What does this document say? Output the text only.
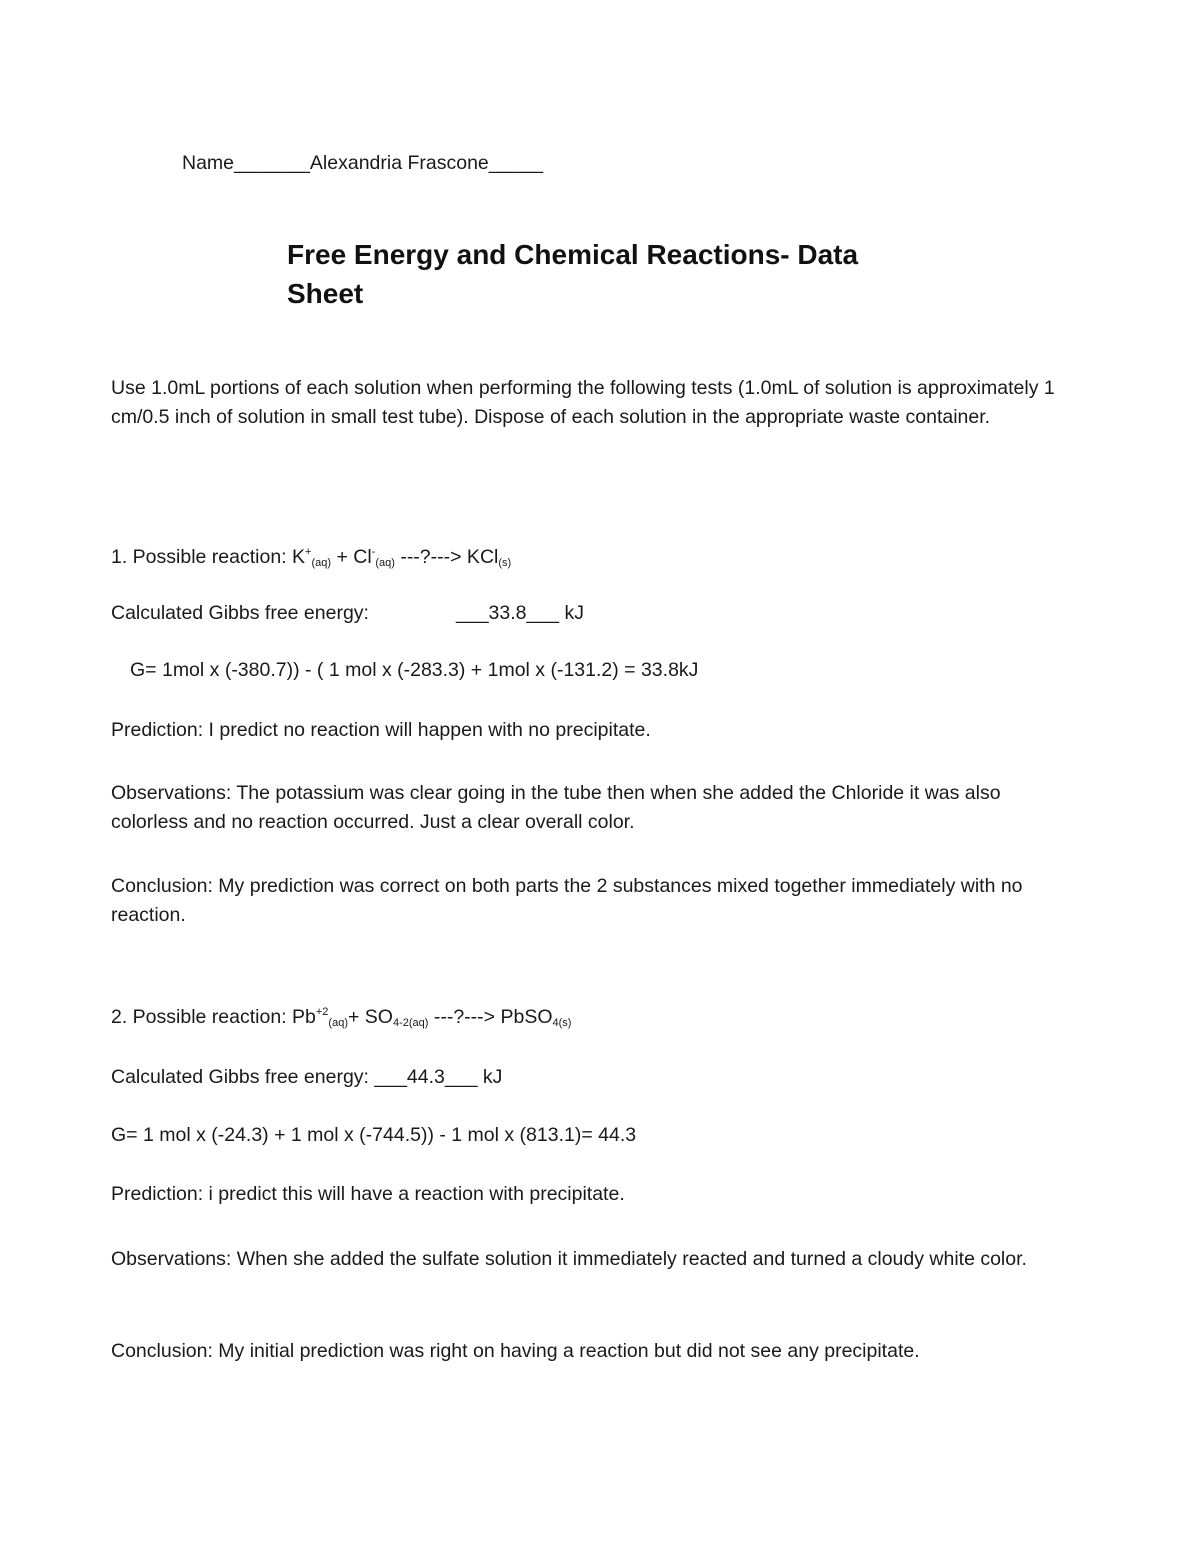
Name_______Alexandria Frascone_____
Free Energy and Chemical Reactions- Data
Sheet
Use 1.0mL portions of each solution when performing the following tests (1.0mL of solution is approximately 1 cm/0.5 inch of solution in small test tube). Dispose of each solution in the appropriate waste container.
1. Possible reaction: $K^+_{(aq)} + Cl^-_{(aq)}$ ---?---> KCl$_{(s)}$
Calculated Gibbs free energy:	___33.8___ kJ
G= 1mol x (-380.7)) - ( 1 mol x (-283.3) + 1mol x (-131.2) = 33.8kJ
Prediction: I predict no reaction will happen with no precipitate.
Observations: The potassium was clear going in the tube then when she added the Chloride it was also colorless and no reaction occurred. Just a clear overall color.
Conclusion: My prediction was correct on both parts the 2 substances mixed together immediately with no reaction.
2. Possible reaction: $Pb^{+2}_{(aq)}+ SO_{4-2(aq)}$ ---?---> PbSO$_{4(s)}$
Calculated Gibbs free energy: ___44.3___ kJ
G= 1 mol x (-24.3) + 1 mol x (-744.5)) - 1 mol x (813.1)= 44.3
Prediction: i predict this will have a reaction with precipitate.
Observations: When she added the sulfate solution it immediately reacted and turned a cloudy white color.
Conclusion: My initial prediction was right on having a reaction but did not see any precipitate.
